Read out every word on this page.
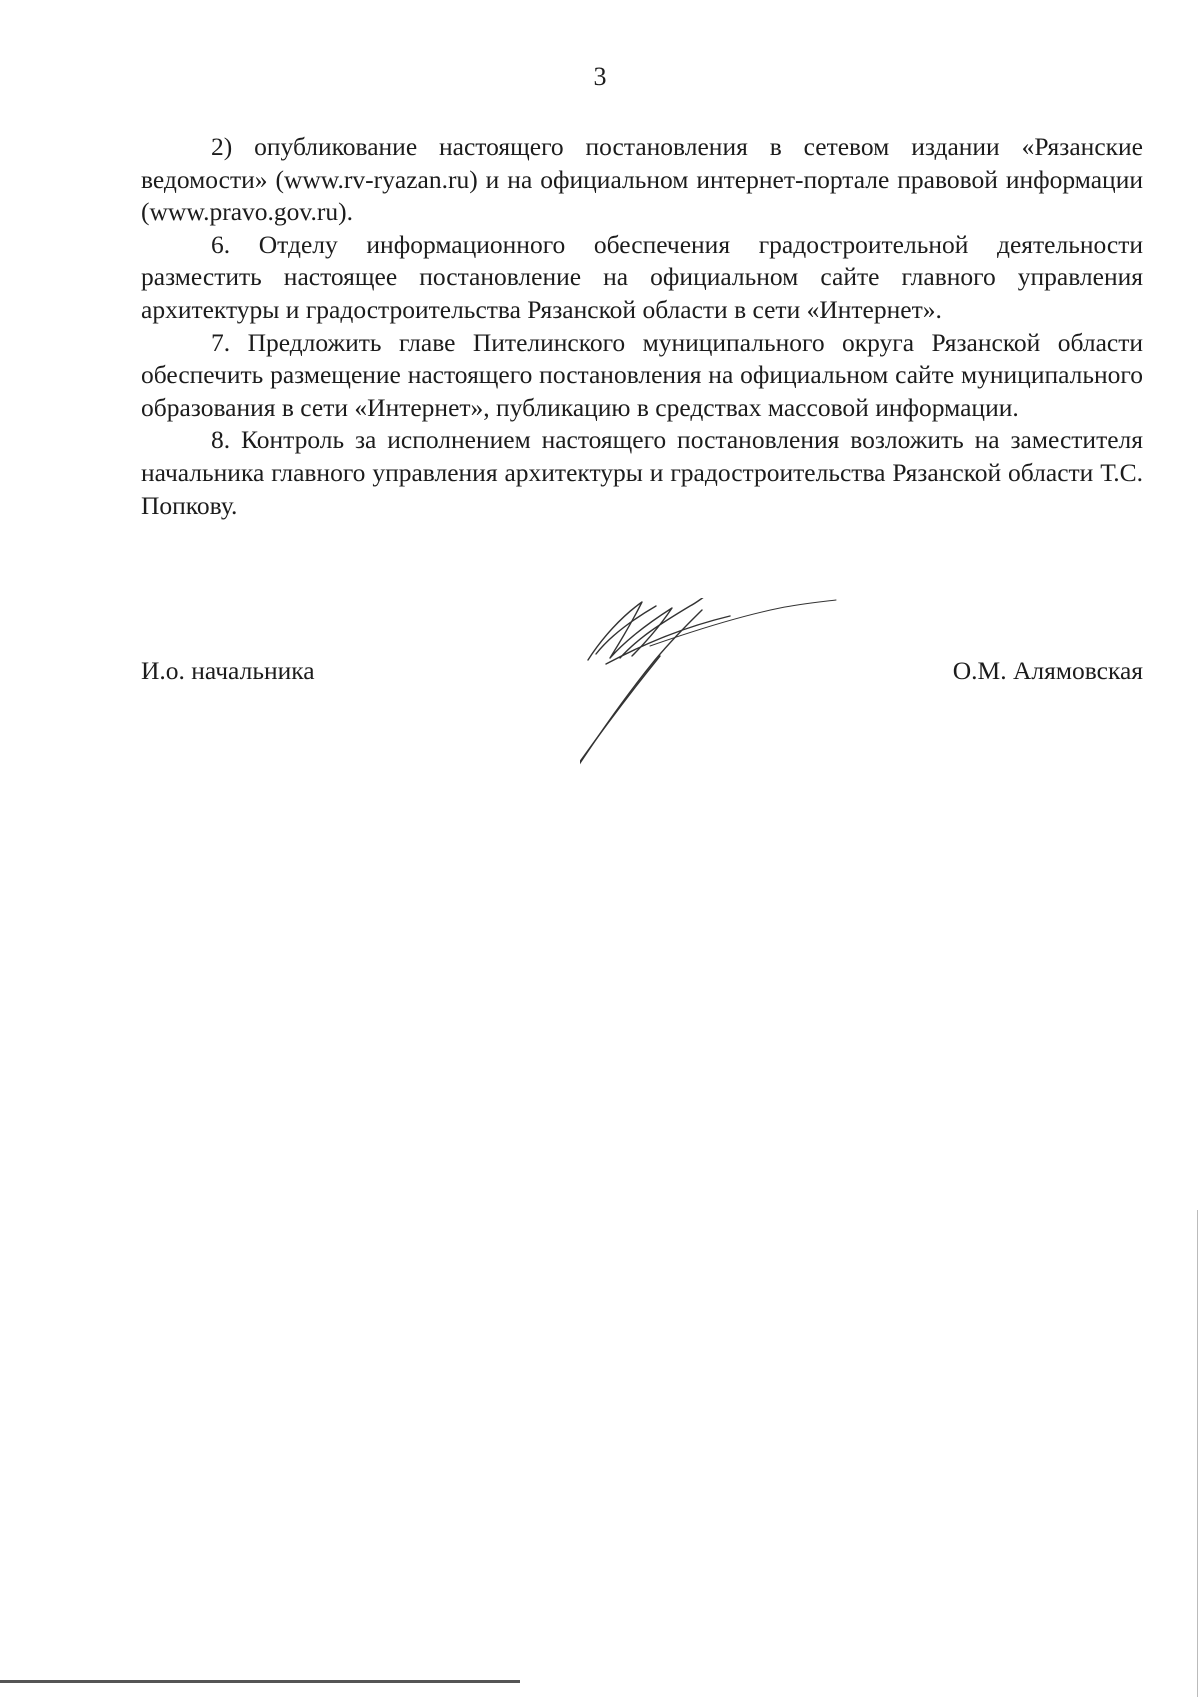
3

2) опубликование настоящего постановления в сетевом издании «Рязанские ведомости» (www.rv-ryazan.ru) и на официальном интернет-портале правовой информации (www.pravo.gov.ru).

6. Отделу информационного обеспечения градостроительной деятельности разместить настоящее постановление на официальном сайте главного управления архитектуры и градостроительства Рязанской области в сети «Интернет».

7. Предложить главе Пителинского муниципального округа Рязанской области обеспечить размещение настоящего постановления на официальном сайте муниципального образования в сети «Интернет», публикацию в средствах массовой информации.

8. Контроль за исполнением настоящего постановления возложить на заместителя начальника главного управления архитектуры и градостроительства Рязанской области Т.С. Попкову.

И.о. начальника	О.М. Алямовская
